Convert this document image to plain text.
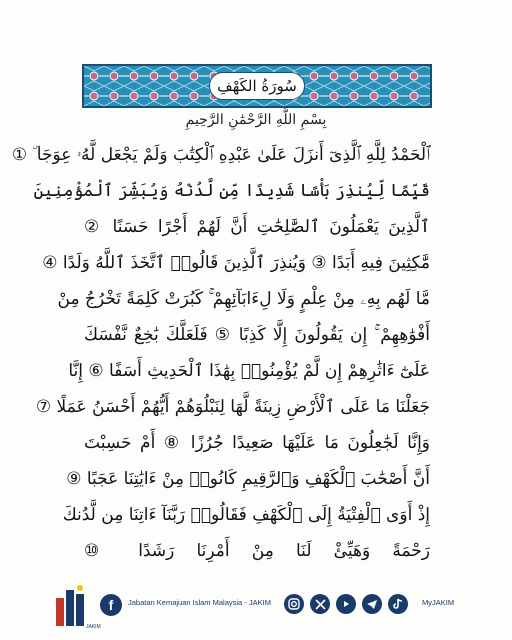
سُورَةُ الكَهْفِ
بِسْمِ اللَّهِ الرَّحْمَٰنِ الرَّحِيمِ
ٱلْحَمْدُ لِلَّهِ ٱلَّذِىٓ أَنزَلَ عَلَىٰ عَبْدِهِ ٱلْكِتَٰبَ وَلَمْ يَجْعَل لَّهُۥ عِوَجَا ۜ ①
قَيِّمًا لِّيُنذِرَ بَأْسًا شَدِيدًا مِّن لَّدُنْهُ وَيُبَشِّرَ ٱلْمُؤْمِنِينَ
ٱلَّذِينَ يَعْمَلُونَ ٱلصَّٰلِحَٰتِ أَنَّ لَهُمْ أَجْرًا حَسَنًا ②
مَّٰكِثِينَ فِيهِ أَبَدًا ③ وَيُنذِرَ ٱلَّذِينَ قَالُوا۟ ٱتَّخَذَ ٱللَّهُ وَلَدًا ④
مَّا لَهُم بِهِۦ مِنْ عِلْمٍ وَلَا لِءَابَآئِهِمْ ۚ كَبُرَتْ كَلِمَةً تَخْرُجُ مِنْ
أَفْوَٰهِهِمْ ۚ إِن يَقُولُونَ إِلَّا كَذِبًا ⑤ فَلَعَلَّكَ بَٰخِعٌ نَّفْسَكَ
عَلَىٰٓ ءَاثَٰرِهِمْ إِن لَّمْ يُؤْمِنُوا۟ بِهَٰذَا ٱلْحَدِيثِ أَسَفًا ⑥ إِنَّا
جَعَلْنَا مَا عَلَى ٱلْأَرْضِ زِينَةً لَّهَا لِنَبْلُوَهُمْ أَيُّهُمْ أَحْسَنُ عَمَلًا ⑦
وَإِنَّا لَجَٰعِلُونَ مَا عَلَيْهَا صَعِيدًا جُرُزًا ⑧ أَمْ حَسِبْتَ
أَنَّ أَصْحَٰبَ ٱلْكَهْفِ وَٱلرَّقِيمِ كَانُوا۟ مِنْ ءَايَٰتِنَا عَجَبًا ⑨
إِذْ أَوَى ٱلْفِتْيَةُ إِلَى ٱلْكَهْفِ فَقَالُوا۟ رَبَّنَآ ءَاتِنَا مِن لَّدُنكَ
رَحْمَةً وَهَيِّئْ لَنَا مِنْ أَمْرِنَا رَشَدًا ⑩
JAKIM
f	Jabatan Kemajuan Islam Malaysia - JAKIM	MyJAKIM
